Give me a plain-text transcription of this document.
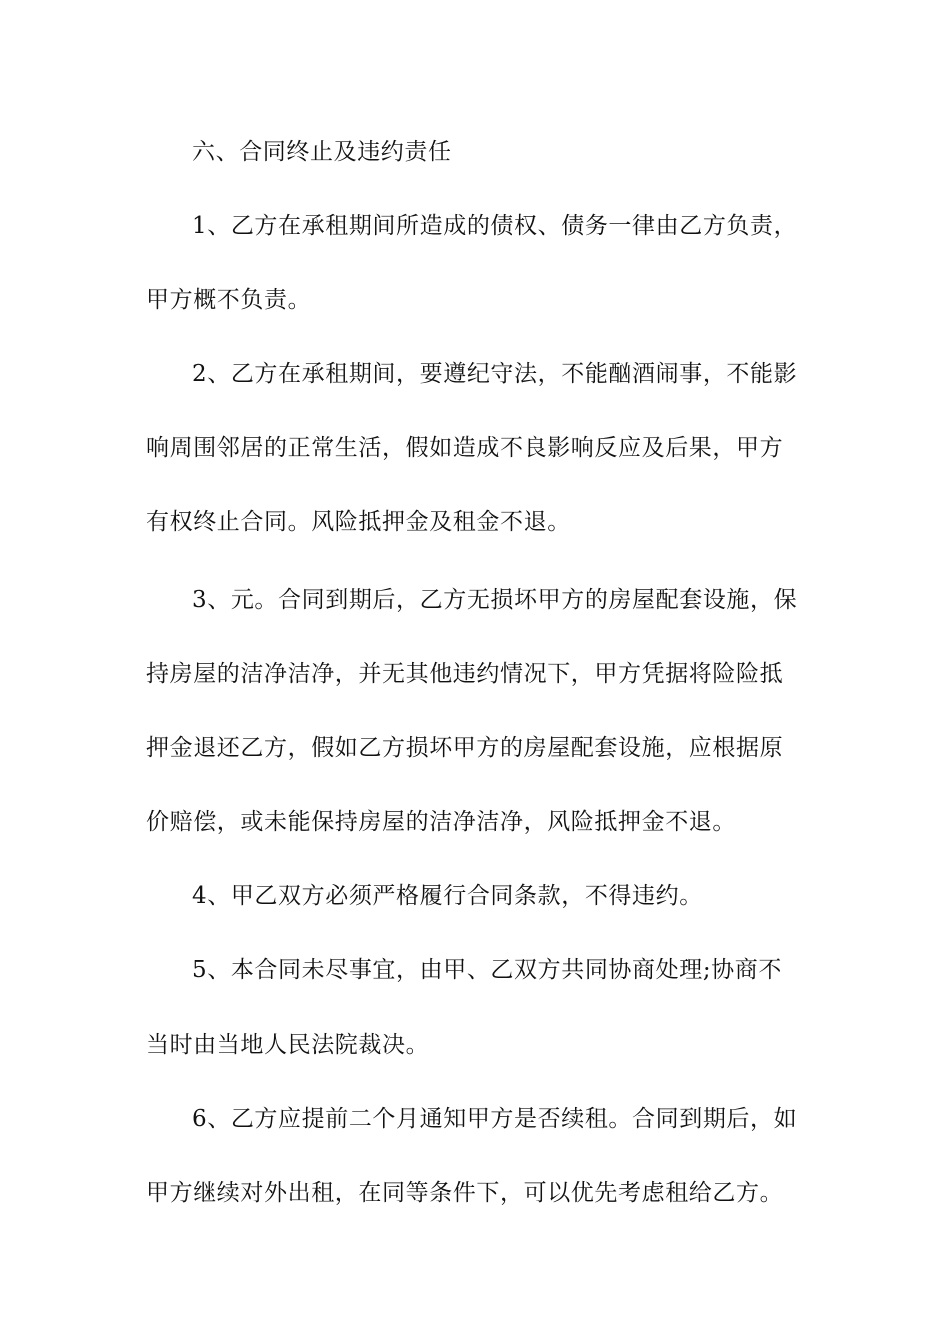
六、合同终止及违约责任
1、乙方在承租期间所造成的债权、债务一律由乙方负责，
甲方概不负责。
2、乙方在承租期间，要遵纪守法，不能酗酒闹事，不能影
响周围邻居的正常生活，假如造成不良影响反应及后果，甲方
有权终止合同。风险抵押金及租金不退。
3、元。合同到期后，乙方无损坏甲方的房屋配套设施，保
持房屋的洁净洁净，并无其他违约情况下，甲方凭据将险险抵
押金退还乙方，假如乙方损坏甲方的房屋配套设施，应根据原
价赔偿，或未能保持房屋的洁净洁净，风险抵押金不退。
4、甲乙双方必须严格履行合同条款，不得违约。
5、本合同未尽事宜，由甲、乙双方共同协商处理;协商不
当时由当地人民法院裁决。
6、乙方应提前二个月通知甲方是否续租。合同到期后，如
甲方继续对外出租，在同等条件下，可以优先考虑租给乙方。
